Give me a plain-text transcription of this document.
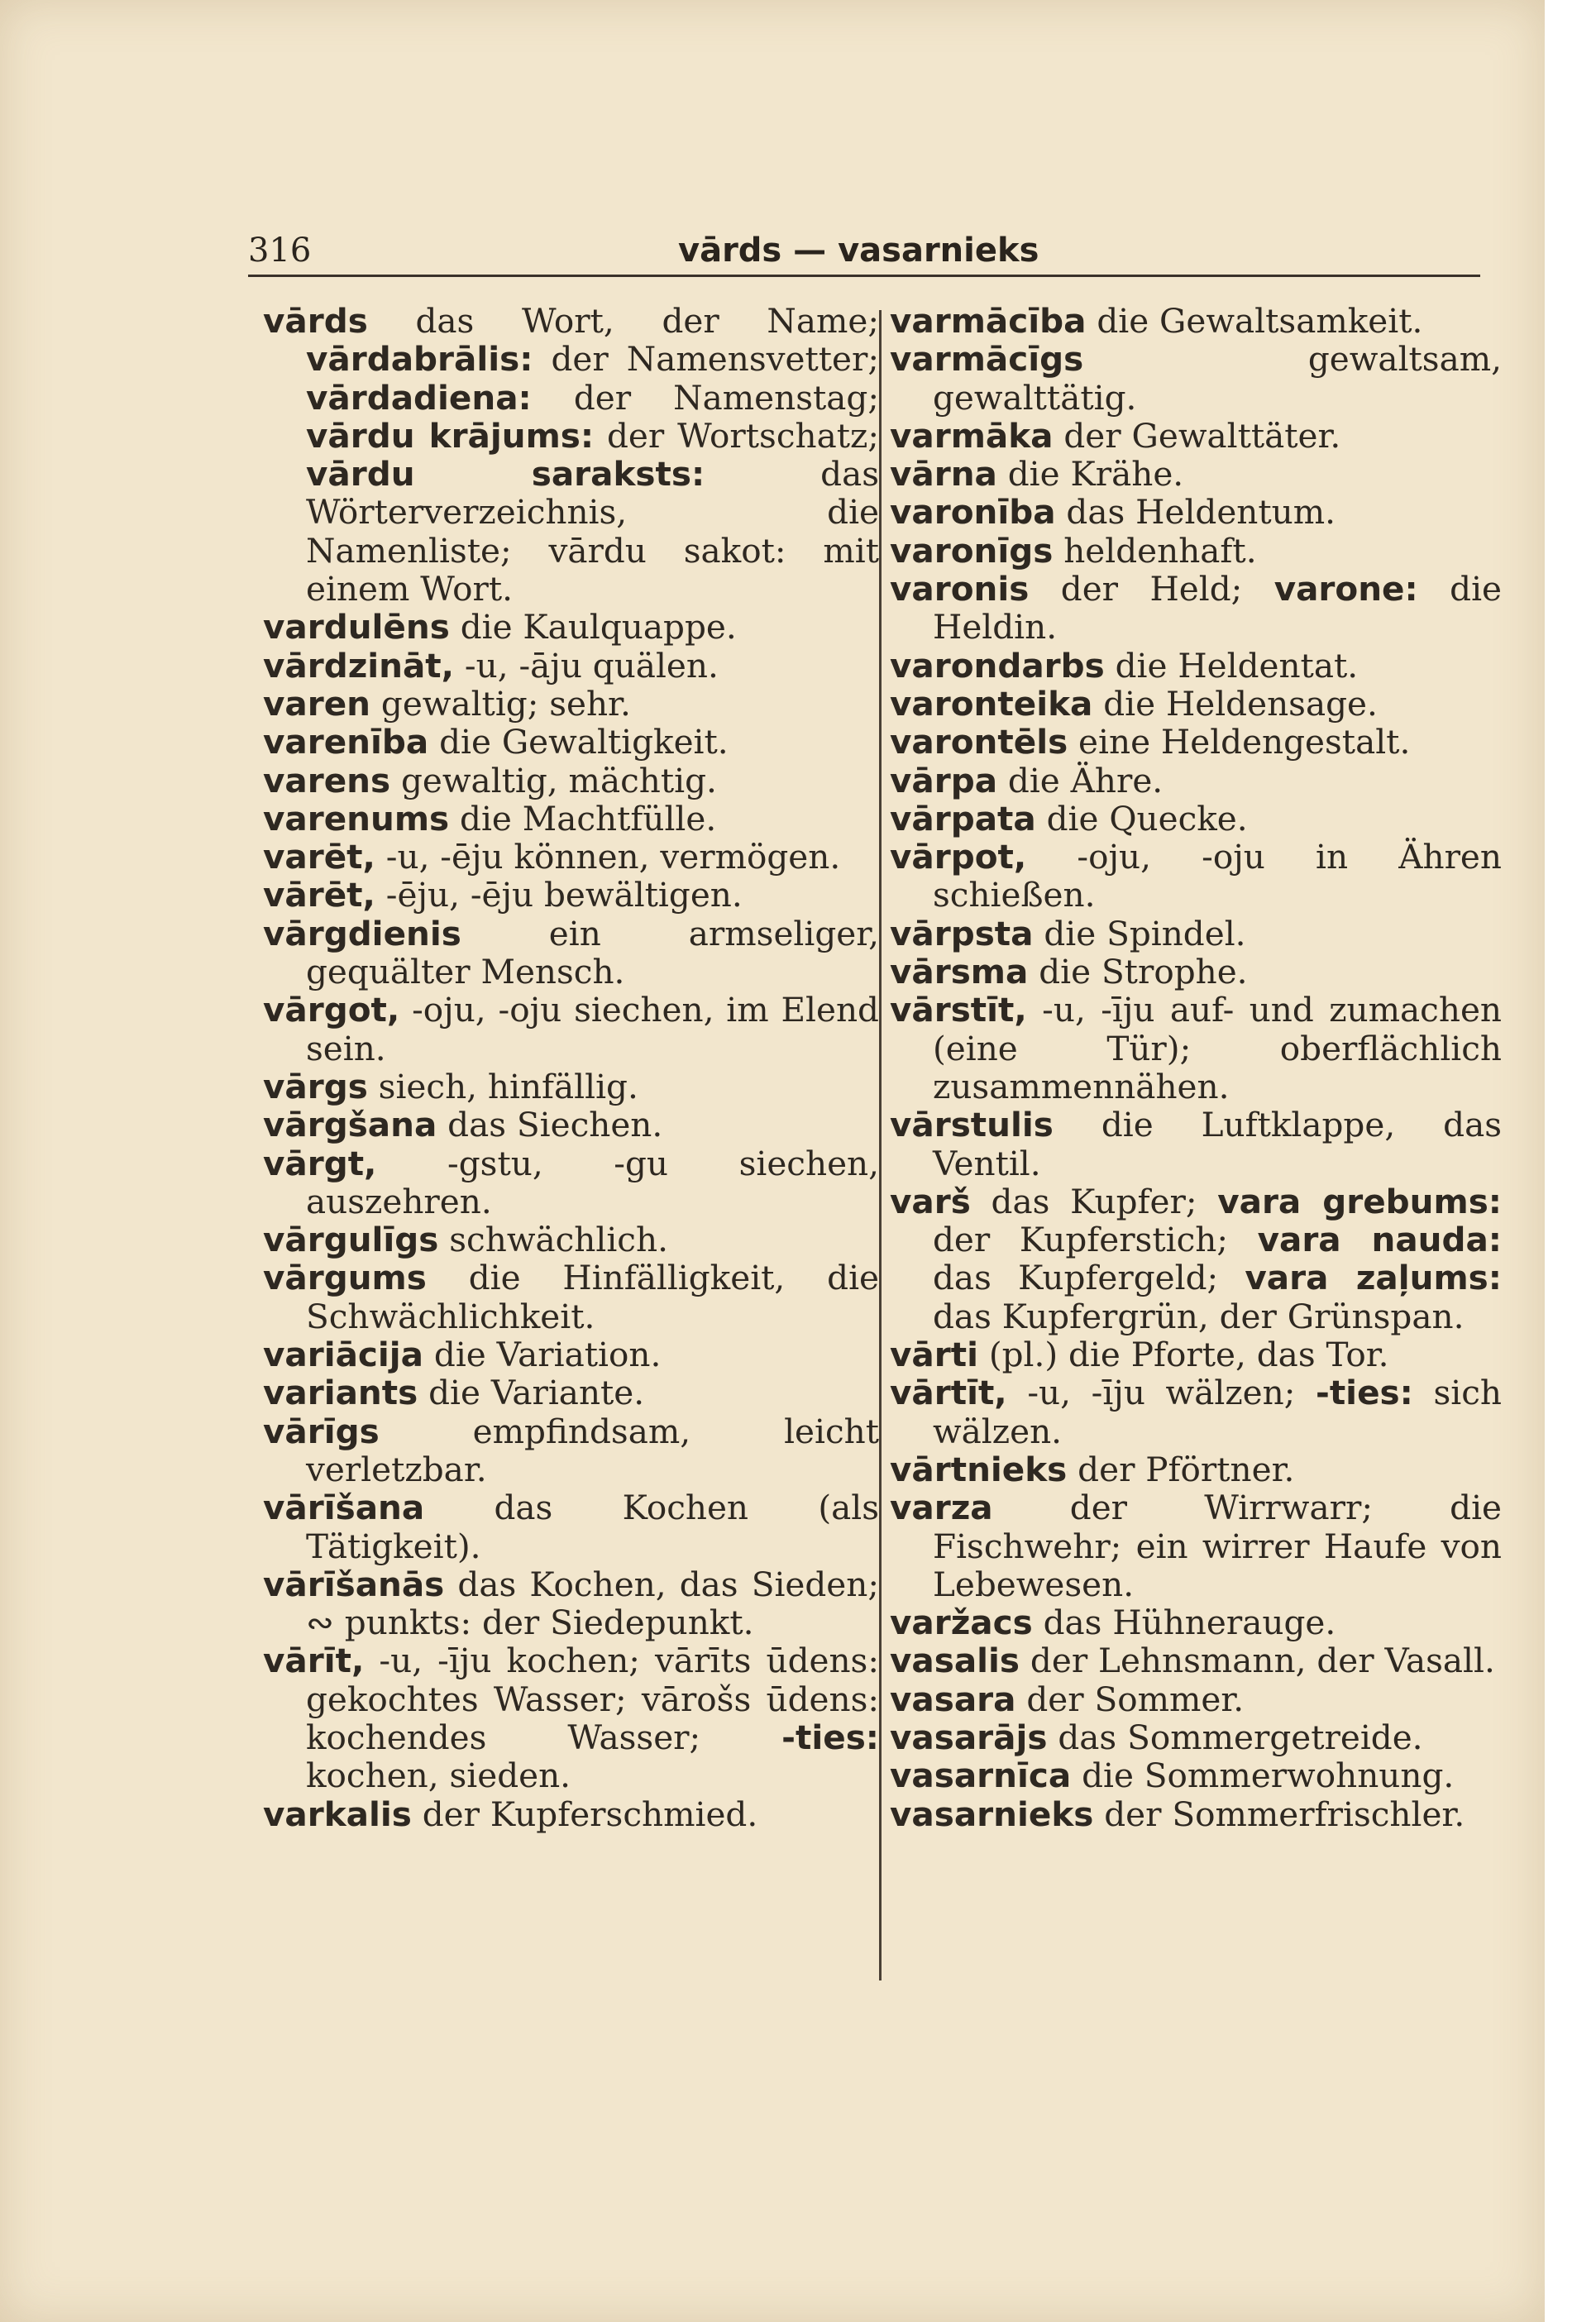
316	vārds — vasarnieks

vārds das Wort, der Name; vārdabrālis: der Namensvetter; vārdadiena: der Namenstag; vārdu krājums: der Wortschatz; vārdu saraksts: das Wörterverzeichnis, die Namenliste; vārdu sakot: mit einem Wort.

vardulēns die Kaulquappe.

vārdzināt, -u, -āju quälen.

varen gewaltig; sehr.

varenība die Gewaltigkeit.

varens gewaltig, mächtig.

varenums die Machtfülle.

varēt, -u, -ēju können, vermögen.

vārēt, -ēju, -ēju bewältigen.

vārgdienis ein armseliger, gequälter Mensch.

vārgot, -oju, -oju siechen, im Elend sein.

vārgs siech, hinfällig.

vārgšana das Siechen.

vārgt, -gstu, -gu siechen, auszehren.

vārgulīgs schwächlich.

vārgums die Hinfälligkeit, die Schwächlichkeit.

variācija die Variation.

variants die Variante.

vārīgs empfindsam, leicht verletzbar.

vārīšana das Kochen (als Tätigkeit).

vārīšanās das Kochen, das Sieden; ∾ punkts: der Siedepunkt.

vārīt, -u, -īju kochen; vārīts ūdens: gekochtes Wasser; vārošs ūdens: kochendes Wasser; -ties: kochen, sieden.

varkalis der Kupferschmied.

varmācība die Gewaltsamkeit.

varmācīgs gewaltsam, gewalttätig.

varmāka der Gewalttäter.

vārna die Krähe.

varonība das Heldentum.

varonīgs heldenhaft.

varonis der Held; varone: die Heldin.

varondarbs die Heldentat.

varonteika die Heldensage.

varontēls eine Heldengestalt.

vārpa die Ähre.

vārpata die Quecke.

vārpot, -oju, -oju in Ähren schießen.

vārpsta die Spindel.

vārsma die Strophe.

vārstīt, -u, -īju auf- und zumachen (eine Tür); oberflächlich zusammennähen.

vārstulis die Luftklappe, das Ventil.

varš das Kupfer; vara grebums: der Kupferstich; vara nauda: das Kupfergeld; vara zaļums: das Kupfergrün, der Grünspan.

vārti (pl.) die Pforte, das Tor.

vārtīt, -u, -īju wälzen; -ties: sich wälzen.

vārtnieks der Pförtner.

varza der Wirrwarr; die Fischwehr; ein wirrer Haufe von Lebewesen.

varžacs das Hühnerauge.

vasalis der Lehnsmann, der Vasall.

vasara der Sommer.

vasarājs das Sommergetreide.

vasarnīca die Sommerwohnung.

vasarnieks der Sommerfrischler.
